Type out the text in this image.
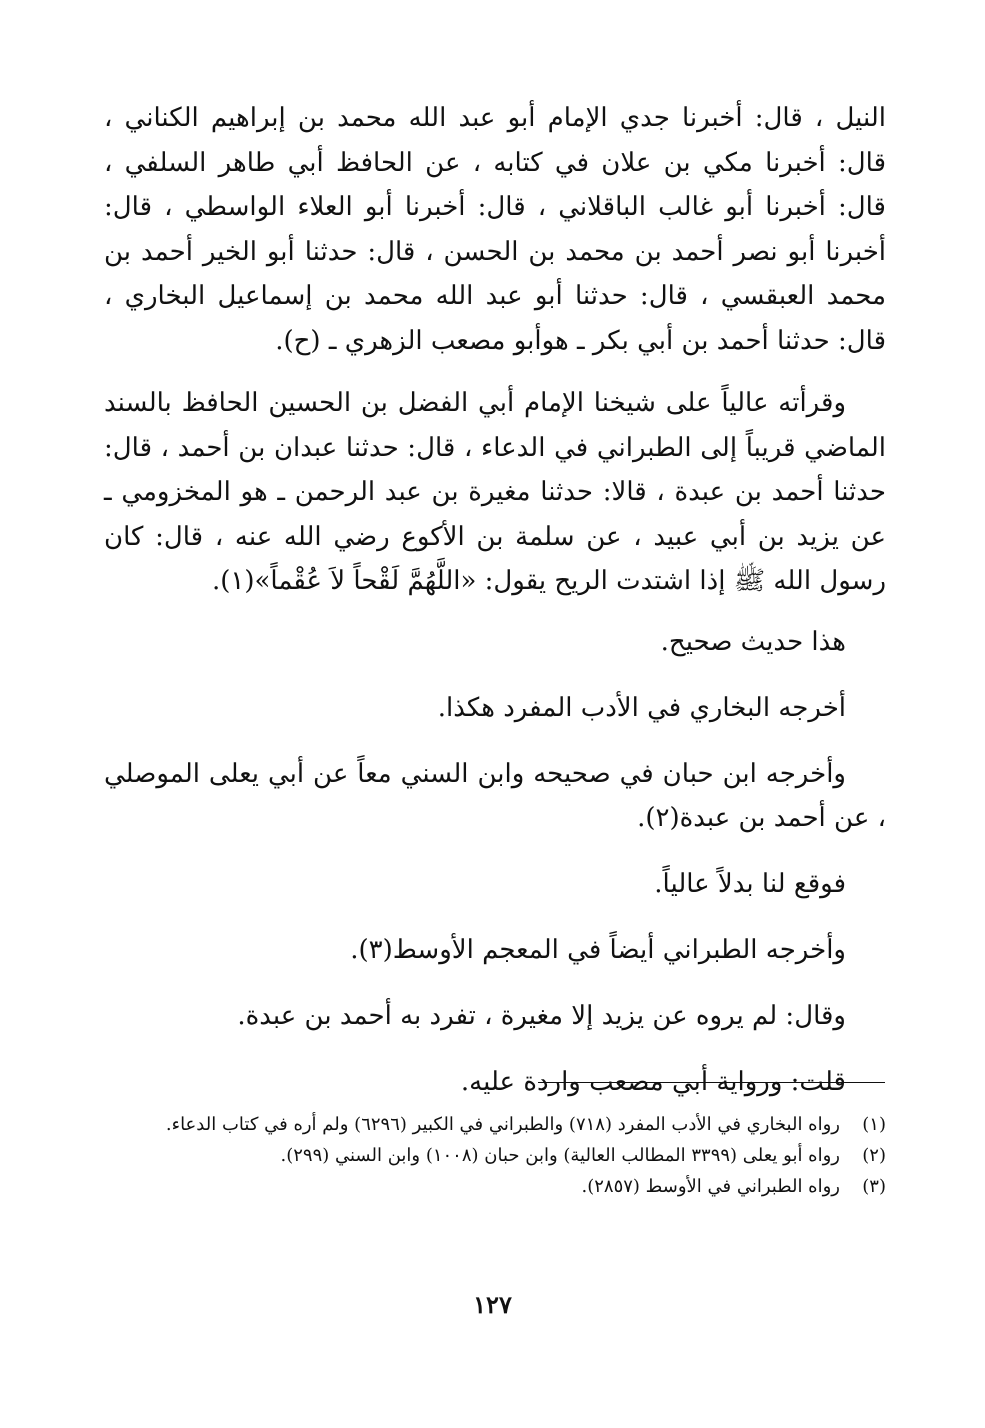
النيل ، قال: أخبرنا جدي الإمام أبو عبد الله محمد بن إبراهيم الكناني ، قال: أخبرنا مكي بن علان في كتابه ، عن الحافظ أبي طاهر السلفي ، قال: أخبرنا أبو غالب الباقلاني ، قال: أخبرنا أبو العلاء الواسطي ، قال: أخبرنا أبو نصر أحمد بن محمد بن الحسن ، قال: حدثنا أبو الخير أحمد بن محمد العبقسي ، قال: حدثنا أبو عبد الله محمد بن إسماعيل البخاري ، قال: حدثنا أحمد بن أبي بكر ـ هوأبو مصعب الزهري ـ (ح).

وقرأته عالياً على شيخنا الإمام أبي الفضل بن الحسين الحافظ بالسند الماضي قريباً إلى الطبراني في الدعاء ، قال: حدثنا عبدان بن أحمد ، قال: حدثنا أحمد بن عبدة ، قالا: حدثنا مغيرة بن عبد الرحمن ـ هو المخزومي ـ عن يزيد بن أبي عبيد ، عن سلمة بن الأكوع رضي الله عنه ، قال: كان رسول الله ﷺ إذا اشتدت الريح يقول: «اللَّهُمَّ لَقْحاً لاَ عُقْماً»(١).

هذا حديث صحيح.

أخرجه البخاري في الأدب المفرد هكذا.

وأخرجه ابن حبان في صحيحه وابن السني معاً عن أبي يعلى الموصلي ، عن أحمد بن عبدة(٢).

فوقع لنا بدلاً عالياً.

وأخرجه الطبراني أيضاً في المعجم الأوسط(٣).

وقال: لم يروه عن يزيد إلا مغيرة ، تفرد به أحمد بن عبدة.

قلت: ورواية أبي مصعب واردة عليه.

(١)
رواه البخاري في الأدب المفرد (٧١٨) والطبراني في الكبير (٦٢٩٦) ولم أره في كتاب الدعاء.
(٢)
رواه أبو يعلى (٣٣٩٩ المطالب العالية) وابن حبان (١٠٠٨) وابن السني (٢٩٩).
(٣)
رواه الطبراني في الأوسط (٢٨٥٧).
١٢٧
